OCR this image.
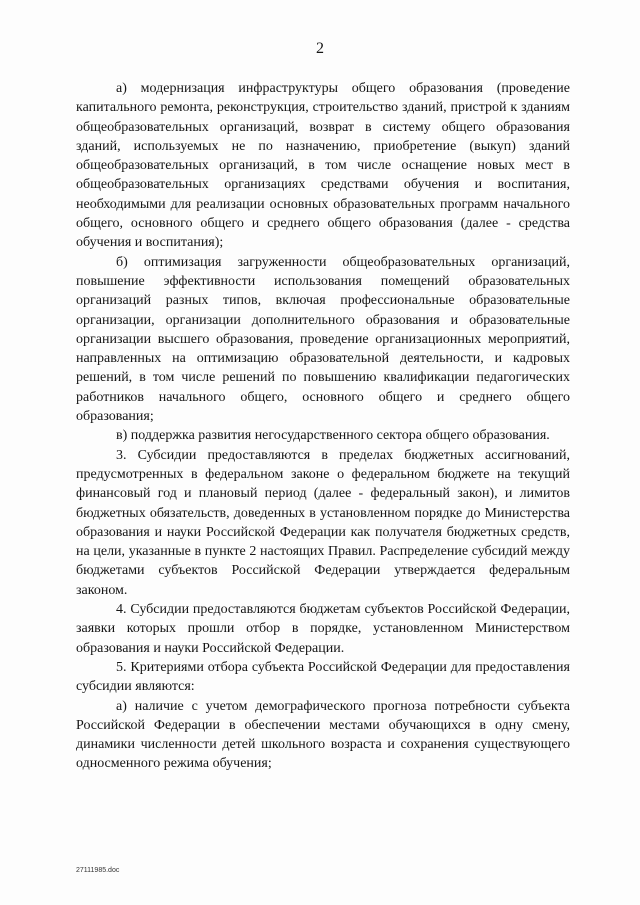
2

а) модернизация инфраструктуры общего образования (проведение капитального ремонта, реконструкция, строительство зданий, пристрой к зданиям общеобразовательных организаций, возврат в систему общего образования зданий, используемых не по назначению, приобретение (выкуп) зданий общеобразовательных организаций, в том числе оснащение новых мест в общеобразовательных организациях средствами обучения и воспитания, необходимыми для реализации основных образовательных программ начального общего, основного общего и среднего общего образования (далее - средства обучения и воспитания);

б) оптимизация загруженности общеобразовательных организаций, повышение эффективности использования помещений образовательных организаций разных типов, включая профессиональные образовательные организации, организации дополнительного образования и образовательные организации высшего образования, проведение организационных мероприятий, направленных на оптимизацию образовательной деятельности, и кадровых решений, в том числе решений по повышению квалификации педагогических работников начального общего, основного общего и среднего общего образования;

в) поддержка развития негосударственного сектора общего образования.

3. Субсидии предоставляются в пределах бюджетных ассигнований, предусмотренных в федеральном законе о федеральном бюджете на текущий финансовый год и плановый период (далее - федеральный закон), и лимитов бюджетных обязательств, доведенных в установленном порядке до Министерства образования и науки Российской Федерации как получателя бюджетных средств, на цели, указанные в пункте 2 настоящих Правил. Распределение субсидий между бюджетами субъектов Российской Федерации утверждается федеральным законом.

4. Субсидии предоставляются бюджетам субъектов Российской Федерации, заявки которых прошли отбор в порядке, установленном Министерством образования и науки Российской Федерации.

5. Критериями отбора субъекта Российской Федерации для предоставления субсидии являются:

а) наличие с учетом демографического прогноза потребности субъекта Российской Федерации в обеспечении местами обучающихся в одну смену, динамики численности детей школьного возраста и сохранения существующего односменного режима обучения;

27111985.doc
